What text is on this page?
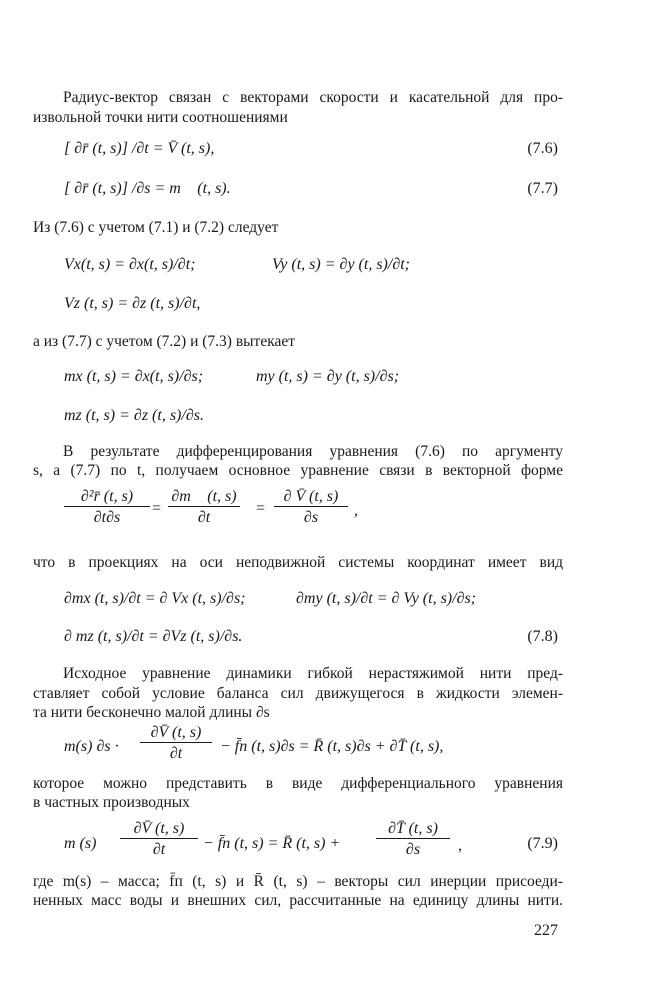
Радиус-вектор связан с векторами скорости и касательной для про-
извольной точки нити соотношениями
[ ∂r̄ (t, s)] /∂t = V̄ (t, s),	(7.6)
[ ∂r̄ (t, s)] /∂s = m⃗ (t, s).	(7.7)
Из (7.6) с учетом (7.1) и (7.2) следует
Vx(t, s) = ∂x(t, s)/∂t;	Vy (t, s) = ∂y (t, s)/∂t;
Vz (t, s) = ∂z (t, s)/∂t,
а из (7.7) с учетом (7.2) и (7.3) вытекает
mx (t, s) = ∂x(t, s)/∂s;	my (t, s) = ∂y (t, s)/∂s;
mz (t, s) = ∂z (t, s)/∂s.
В результате дифференцирования уравнения (7.6) по аргументу
s, а (7.7) по t, получаем основное уравнение связи в векторной форме
$\frac{\text{∂²r̄ (t, s)}}{\partial t\partial s} = \frac{\partial m⃗ (t, s)}{\partial t} = \frac{\partial V̄ (t, s)}{\partial s}$ ,
что в проекциях на оси неподвижной системы координат имеет вид
∂mx (t, s)/∂t = ∂ Vx (t, s)/∂s;	∂my (t, s)/∂t = ∂ Vy (t, s)/∂s;
∂ mz (t, s)/∂t = ∂Vz (t, s)/∂s.	(7.8)
Исходное уравнение динамики гибкой нерастяжимой нити пред-
ставляет собой условие баланса сил движущегося в жидкости элемен-
та нити бесконечно малой длины ∂s
m(s) $\partial s \cdot \frac{\partial V̄ (t, s)}{\partial t}$ − f̄п (t, s)∂s = R̄ (t, s)∂s + ∂T̄ (t, s),
которое можно представить в виде дифференциального уравнения
в частных производных
m $(s) \frac{\partial V̄ (t, s)}{\partial t}$ − f̄п (t, s) = R̄ (t, $s) + \frac{\partial T̄ (t, s)}{\partial s}$ ,	(7.9)
где m(s) – масса; f̄п (t, s) и R̄ (t, s) – векторы сил инерции присоеди-
ненных масс воды и внешних сил, рассчитанные на единицу длины нити.
227
